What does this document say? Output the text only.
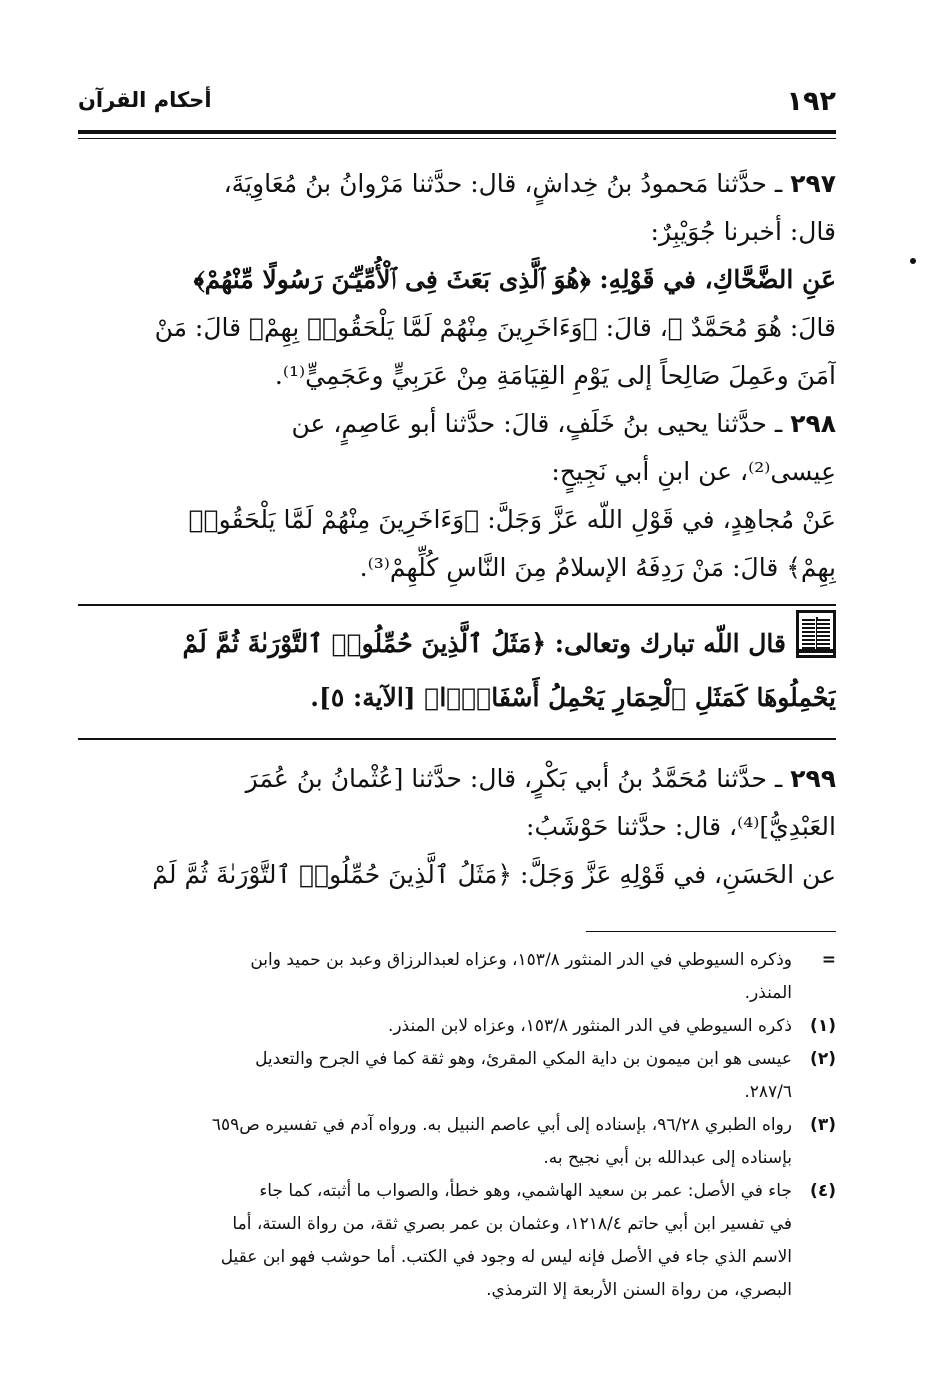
١٩٢
أحكام القرآن
٢٩٧ ـ حدَّثنا مَحمودُ بنُ خِداشٍ، قال: حدَّثنا مَرْوانُ بنُ مُعَاوِيَةَ،
قال: أخبرنا جُوَيْبِرٌ:
عَنِ الضَّحَّاكِ، في قَوْلِهِ: ﴿هُوَ ٱلَّذِى بَعَثَ فِى ٱلْأُمِّيِّـۧنَ رَسُولًا مِّنْهُمْ﴾
قالَ: هُوَ مُحَمَّدٌ ﷺ، قالَ: ﴿وَءَاخَرِينَ مِنْهُمْ لَمَّا يَلْحَقُوا۟ بِهِمْ﴾ قالَ: مَنْ
آمَنَ وعَمِلَ صَالِحاً إلى يَوْمِ القِيَامَةِ مِنْ عَرَبِيٍّ وعَجَمِيٍّ⁽¹⁾.
٢٩٨ ـ حدَّثنا يحيى بنُ خَلَفٍ، قالَ: حدَّثنا أبو عَاصِمٍ، عن
عِيسى⁽²⁾، عن ابنِ أبي نَجِيحٍ:
عَنْ مُجاهِدٍ، في قَوْلِ اللّه عَزَّ وَجَلَّ: ﴿وَءَاخَرِينَ مِنْهُمْ لَمَّا يَلْحَقُوا۟
بِهِمْ﴾ قالَ: مَنْ رَدِفَهُ الإسلامُ مِنَ النَّاسِ كُلِّهِمْ⁽³⁾.
قال اللّه تبارك وتعالى: ﴿مَثَلُ ٱلَّذِينَ حُمِّلُوا۟ ٱلتَّوْرَىٰةَ ثُمَّ لَمْ
يَحْمِلُوهَا كَمَثَلِ ٱلْحِمَارِ يَحْمِلُ أَسْفَارًۢا﴾ [الآية: ٥].
٢٩٩ ـ حدَّثنا مُحَمَّدُ بنُ أبي بَكْرٍ، قال: حدَّثنا [عُثْمانُ بنُ عُمَرَ
العَبْدِيُّ]⁽⁴⁾، قال: حدَّثنا حَوْشَبُ:
عن الحَسَنِ، في قَوْلِهِ عَزَّ وَجَلَّ: ﴿مَثَلُ ٱلَّذِينَ حُمِّلُوا۟ ٱلتَّوْرَىٰةَ ثُمَّ لَمْ
=
وذكره السيوطي في الدر المنثور ١٥٣/٨، وعزاه لعبدالرزاق وعبد بن حميد وابن
المنذر.
(١)
ذكره السيوطي في الدر المنثور ١٥٣/٨، وعزاه لابن المنذر.
(٢)
عيسى هو ابن ميمون بن داية المكي المقرئ، وهو ثقة كما في الجرح والتعديل
٢٨٧/٦.
(٣)
رواه الطبري ٩٦/٢٨، بإسناده إلى أبي عاصم النبيل به. ورواه آدم في تفسيره ص٦٥٩
بإسناده إلى عبدالله بن أبي نجيح به.
(٤)
جاء في الأصل: عمر بن سعيد الهاشمي، وهو خطأ، والصواب ما أثبته، كما جاء
في تفسير ابن أبي حاتم ١٢١٨/٤، وعثمان بن عمر بصري ثقة، من رواة الستة، أما
الاسم الذي جاء في الأصل فإنه ليس له وجود في الكتب. أما حوشب فهو ابن عقيل
البصري، من رواة السنن الأربعة إلا الترمذي.
